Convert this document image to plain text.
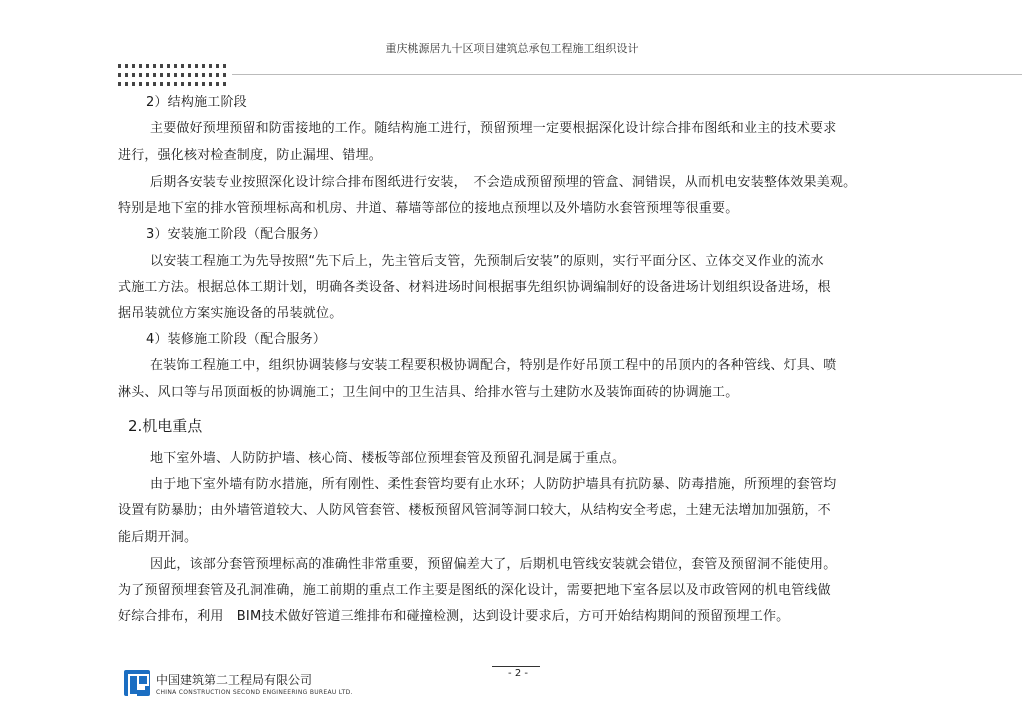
重庆桃源居九十区项目建筑总承包工程施工组织设计
2）结构施工阶段
主要做好预埋预留和防雷接地的工作。随结构施工进行，预留预埋一定要根据深化设计综合排布图纸和业主的技术要求
进行，强化核对检查制度，防止漏埋、错埋。
后期各安装专业按照深化设计综合排布图纸进行安装，　不会造成预留预埋的管盒、洞错误，从而机电安装整体效果美观。
特别是地下室的排水管预埋标高和机房、井道、幕墙等部位的接地点预埋以及外墙防水套管预埋等很重要。
3）安装施工阶段（配合服务）
以安装工程施工为先导按照“先下后上，先主管后支管，先预制后安装”的原则，实行平面分区、立体交叉作业的流水
式施工方法。根据总体工期计划，明确各类设备、材料进场时间根据事先组织协调编制好的设备进场计划组织设备进场，根
据吊装就位方案实施设备的吊装就位。
4）装修施工阶段（配合服务）
在装饰工程施工中，组织协调装修与安装工程要积极协调配合，特别是作好吊顶工程中的吊顶内的各种管线、灯具、喷
淋头、风口等与吊顶面板的协调施工；卫生间中的卫生洁具、给排水管与土建防水及装饰面砖的协调施工。
2.机电重点
地下室外墙、人防防护墙、核心筒、楼板等部位预埋套管及预留孔洞是属于重点。
由于地下室外墙有防水措施，所有刚性、柔性套管均要有止水环；人防防护墙具有抗防暴、防毒措施，所预埋的套管均
设置有防暴肋；由外墙管道较大、人防风管套管、楼板预留风管洞等洞口较大，从结构安全考虑，土建无法增加加强筋，不
能后期开洞。
因此，该部分套管预埋标高的准确性非常重要，预留偏差大了，后期机电管线安装就会错位，套管及预留洞不能使用。
为了预留预埋套管及孔洞准确，施工前期的重点工作主要是图纸的深化设计，需要把地下室各层以及市政管网的机电管线做
好综合排布，利用　BIM技术做好管道三维排布和碰撞检测，达到设计要求后，方可开始结构期间的预留预埋工作。
- 2 -
中国建筑第二工程局有限公司
CHINA CONSTRUCTION SECOND ENGINEERING BUREAU LTD.
